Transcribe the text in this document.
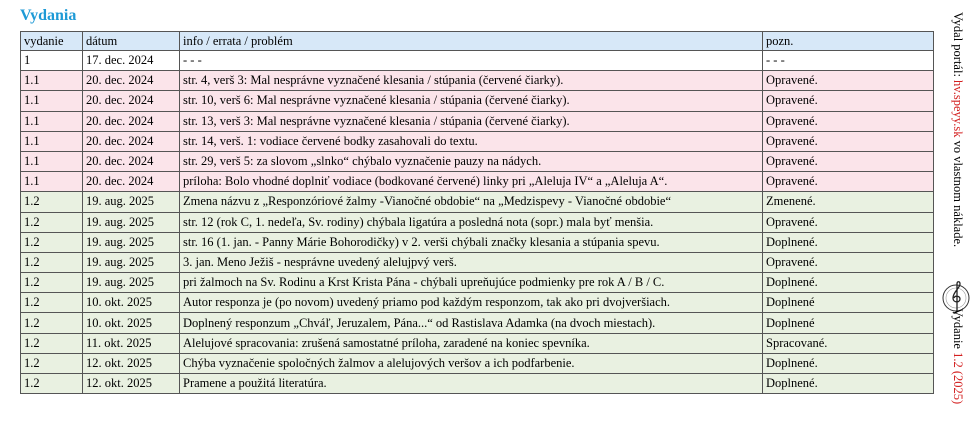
Vydania
vydanie	dátum	info / errata / problém	pozn.
1	17. dec. 2024	- - -	- - -
1.1	20. dec. 2024	str. 4, verš 3: Mal nesprávne vyznačené klesania / stúpania (červené čiarky).	Opravené.
1.1	20. dec. 2024	str. 10, verš 6: Mal nesprávne vyznačené klesania / stúpania (červené čiarky).	Opravené.
1.1	20. dec. 2024	str. 13, verš 3: Mal nesprávne vyznačené klesania / stúpania (červené čiarky).	Opravené.
1.1	20. dec. 2024	str. 14, verš. 1: vodiace červené bodky zasahovali do textu.	Opravené.
1.1	20. dec. 2024	str. 29, verš 5: za slovom „slnko“ chýbalo vyznačenie pauzy na nádych.	Opravené.
1.1	20. dec. 2024	príloha: Bolo vhodné doplniť vodiace (bodkované červené) linky pri „Aleluja IV“ a „Aleluja A“.	Opravené.
1.2	19. aug. 2025	Zmena názvu z „Responzóriové žalmy -Vianočné obdobie“ na „Medzispevy - Vianočné obdobie“	Zmenené.
1.2	19. aug. 2025	str. 12 (rok C, 1. nedeľa, Sv. rodiny) chýbala ligatúra a posledná nota (sopr.) mala byť menšia.	Opravené.
1.2	19. aug. 2025	str. 16 (1. jan. - Panny Márie Bohorodičky) v 2. verši chýbali značky klesania a stúpania spevu.	Doplnené.
1.2	19. aug. 2025	3. jan. Meno Ježiš - nesprávne uvedený alelujpvý verš.	Opravené.
1.2	19. aug. 2025	pri žalmoch na Sv. Rodinu a Krst Krista Pána - chýbali upreňujúce podmienky pre rok A / B / C.	Doplnené.
1.2	10. okt. 2025	Autor responza je (po novom) uvedený priamo pod každým responzom, tak ako pri dvojveršiach.	Doplnené
1.2	10. okt. 2025	Doplnený responzum „Chváľ, Jeruzalem, Pána...“ od Rastislava Adamka (na dvoch miestach).	Doplnené
1.2	11. okt. 2025	Alelujové spracovania: zrušená samostatné príloha, zaradené na koniec spevníka.	Spracované.
1.2	12. okt. 2025	Chýba vyznačenie spoločných žalmov a alelujových veršov a ich podfarbenie.	Doplnené.
1.2	12. okt. 2025	Pramene a použitá literatúra.	Doplnené.
Vydal portál: hv.speyy.sk vo vlastnom náklade.
Vydanie 1.2 (2025)
